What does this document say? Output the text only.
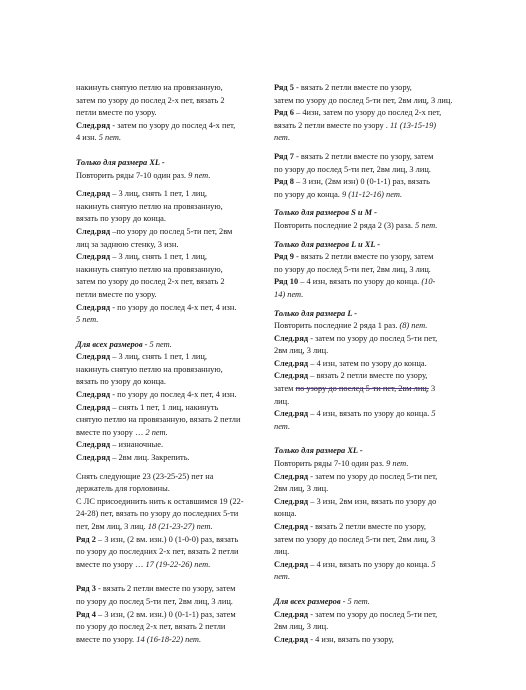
накинуть снятую петлю на провязанную,

затем по узору до послед 2-х пет, вязать 2

петли вместе по узору.

След.ряд - затем по узору до послед 4-х пет,

4 изн. 5 пет.

Только для размера XL -

Повторить ряды 7-10 один раз. 9 пет.

След.ряд – 3 лиц, снять 1 пет, 1 лиц,

накинуть снятую петлю на провязанную,

вязать по узору до конца.

След.ряд –по узору до послед 5-ти пет, 2вм

лиц за заднюю стенку, 3 изн.

След.ряд – 3 лиц, снять 1 пет, 1 лиц,

накинуть снятую петлю на провязанную,

затем по узору до послед 2-х пет, вязать 2

петли вместе по узору.

След.ряд - по узору до послед 4-х пет, 4 изн.

5 пет.

Для всех размеров - 5 пет.

След.ряд – 3 лиц, снять 1 пет, 1 лиц,

накинуть снятую петлю на провязанную,

вязать по узору до конца.

След.ряд - по узору до послед 4-х пет, 4 изн.

След.ряд – снять 1 пет, 1 лиц, накинуть

снятую петлю на провязанную, вязать 2 петли

вместе по узору … 2 пет.

След.ряд – изнаночные.

След.ряд – 2вм лиц. Закрепить.

Снять следующие 23 (23-25-25) пет на

держатель для горловины.

С ЛС присоединить нить к оставшимся 19 (22-

24-28) пет, вязать по узору до последних 5-ти

пет, 2вм лиц, 3 лиц. 18 (21-23-27) пет.

Ряд 2 – 3 изн, (2 вм. изн.) 0 (1-0-0) раз, вязать

по узору до последних 2-х пет, вязать 2 петли

вместе по узору … 17 (19-22-26) пет.

Ряд 3 - вязать 2 петли вместе по узору, затем

по узору до послед 5-ти пет, 2вм лиц, 3 лиц.

Ряд 4 – 3 изн, (2 вм. изн.) 0 (0-1-1) раз, затем

по узору до послед 2-х пет, вязать 2 петли

вместе по узору. 14 (16-18-22) пет.

Ряд 5 - вязать 2 петли вместе по узору,

затем по узору до послед 5-ти пет, 2вм лиц, 3 лиц.

Ряд 6 – 4изн, затем по узору до послед 2-х пет,

вязать 2 петли вместе по узору . 11 (13-15-19)

пет.

Ряд 7 - вязать 2 петли вместе по узору, затем

по узору до послед 5-ти пет, 2вм лиц, 3 лиц.

Ряд 8 – 3 изн, (2вм изн) 0 (0-1-1) раз, вязать

по узору до конца. 9 (11-12-16) пет.

Только для размеров S и M -

Повторить последние 2 ряда 2 (3) раза. 5 пет.

Только для размеров L и XL -

Ряд 9 - вязать 2 петли вместе по узору, затем

по узору до послед 5-ти пет, 2вм лиц, 3 лиц.

Ряд 10 – 4 изн, вязать по узору до конца. (10-

14) пет.

Только для размера L -

Повторить последние 2 ряда 1 раз. (8) пет.

След.ряд - затем по узору до послед 5-ти пет,

2вм лиц, 3 лиц.

След.ряд – 4 изн, затем по узору до конца.

След.ряд – вязать 2 петли вместе по узору,

затем по узору до послед 5-ти пет, 2вм лиц, 3

лиц.

След.ряд – 4 изн, вязать по узору до конца. 5

пет.

Только для размера XL -

Повторить ряды 7-10 один раз. 9 пет.

След.ряд - затем по узору до послед 5-ти пет,

2вм лиц, 3 лиц.

След.ряд – 3 изн, 2вм изн, вязать по узору до

конца.

След.ряд - вязать 2 петли вместе по узору,

затем по узору до послед 5-ти пет, 2вм лиц, 3

лиц.

След.ряд – 4 изн, вязать по узору до конца. 5

пет.

Для всех размеров - 5 пет.

След.ряд - затем по узору до послед 5-ти пет,

2вм лиц, 3 лиц.

След.ряд - 4 изн, вязать по узору,
